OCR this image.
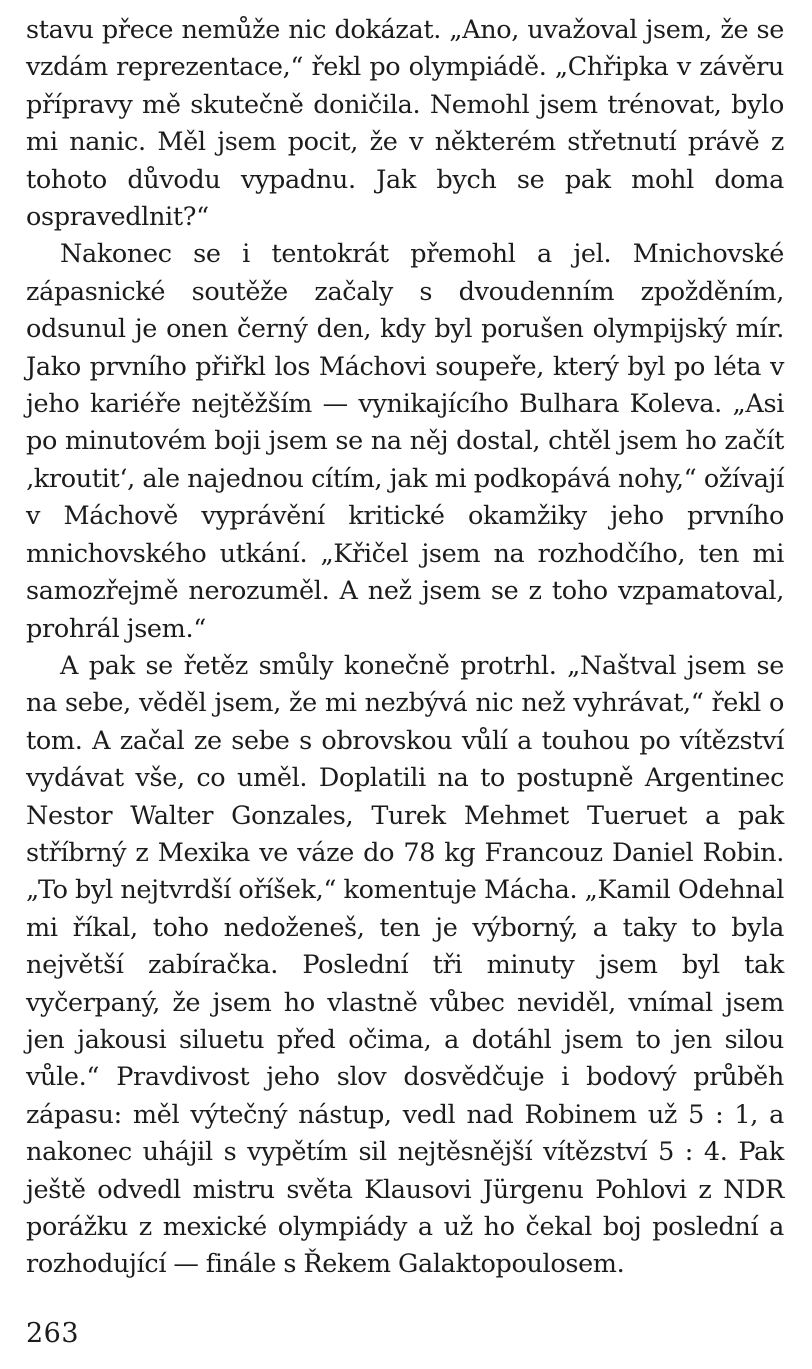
stavu přece nemůže nic dokázat. „Ano, uvažoval jsem, že se vzdám reprezentace,“ řekl po olympiádě. „Chřipka v závěru přípravy mě skutečně doničila. Nemohl jsem trénovat, bylo mi nanic. Měl jsem pocit, že v některém střetnutí právě z tohoto důvodu vypadnu. Jak bych se pak mohl doma ospravedlnit?“

Nakonec se i tentokrát přemohl a jel. Mnichovské zápasnické soutěže začaly s dvoudenním zpožděním, odsunul je onen černý den, kdy byl porušen olympijský mír. Jako prvního přiřkl los Máchovi soupeře, který byl po léta v jeho kariéře nejtěžším — vynikajícího Bulhara Koleva. „Asi po minutovém boji jsem se na něj dostal, chtěl jsem ho začít ‚kroutit‘, ale najednou cítím, jak mi podkopává nohy,“ ožívají v Máchově vyprávění kritické okamžiky jeho prvního mnichovského utkání. „Křičel jsem na rozhodčího, ten mi samozřejmě nerozuměl. A než jsem se z toho vzpamatoval, prohrál jsem.“

A pak se řetěz smůly konečně protrhl. „Naštval jsem se na sebe, věděl jsem, že mi nezbývá nic než vyhrávat,“ řekl o tom. A začal ze sebe s obrovskou vůlí a touhou po vítězství vydávat vše, co uměl. Doplatili na to postupně Argentinec Nestor Walter Gonzales, Turek Mehmet Tueruet a pak stříbrný z Mexika ve váze do 78 kg Francouz Daniel Robin. „To byl nejtvrdší oříšek,“ komentuje Mácha. „Kamil Odehnal mi říkal, toho nedoženeš, ten je výborný, a taky to byla největší zabíračka. Poslední tři minuty jsem byl tak vyčerpaný, že jsem ho vlastně vůbec neviděl, vnímal jsem jen jakousi siluetu před očima, a dotáhl jsem to jen silou vůle.“ Pravdivost jeho slov dosvědčuje i bodový průběh zápasu: měl výtečný nástup, vedl nad Robinem už 5 : 1, a nakonec uhájil s vypětím sil nejtěsnější vítězství 5 : 4. Pak ještě odvedl mistru světa Klausovi Jürgenu Pohlovi z NDR porážku z mexické olympiády a už ho čekal boj poslední a rozhodující — finále s Řekem Galaktopoulosem.

263
